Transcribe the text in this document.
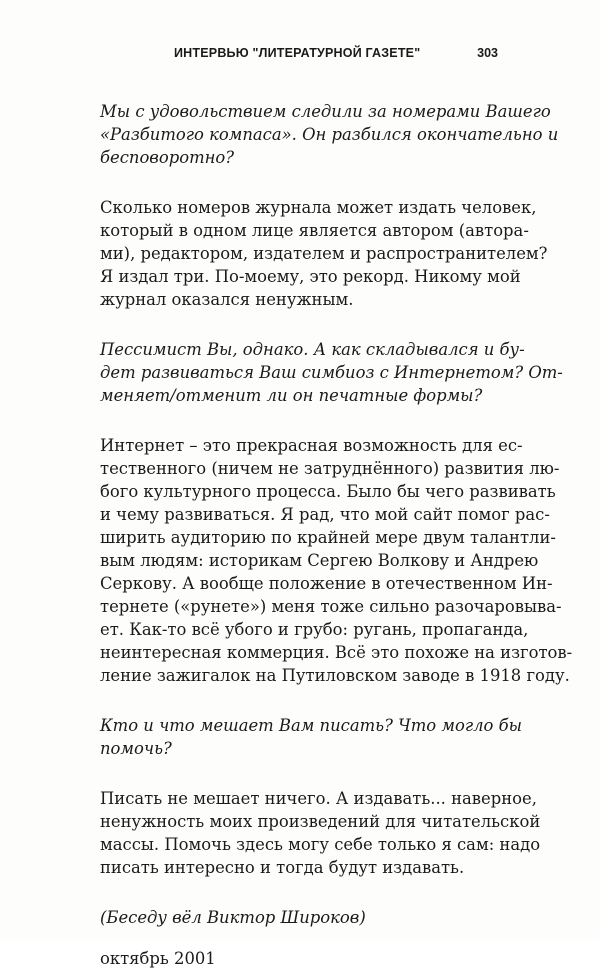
ИНТЕРВЬЮ "ЛИТЕРАТУРНОЙ ГАЗЕТЕ"	303
Мы с удовольствием следили за номерами Вашего
«Разбитого компаса». Он разбился окончательно и
бесповоротно?
Сколько номеров журнала может издать человек,
который в одном лице является автором (авторa-
ми), редактором, издателем и распространителем?
Я издал три. По-моему, это рекорд. Никому мой
журнал оказался ненужным.
Пессимист Вы, однако. А как складывался и бу-
дет развиваться Ваш симбиоз с Интернетом? От-
меняет/отменит ли он печатные формы?
Интернет – это прекрасная возможность для ес-
тественного (ничем не затруднённого) развития лю-
бого культурного процесса. Было бы чего развивать
и чему развиваться. Я рад, что мой сайт помог рас-
ширить аудиторию по крайней мере двум талантли-
вым людям: историкам Сергею Волкову и Андрею
Серкову. А вообще положение в отечественном Ин-
тернете («рунете») меня тоже сильно разочаровыва-
ет. Как-то всё убого и грубо: ругань, пропаганда,
неинтересная коммерция. Всё это похоже на изготов-
ление зажигалок на Путиловском заводе в 1918 году.
Кто и что мешает Вам писать? Что могло бы
помочь?
Писать не мешает ничего. А издавать... наверное,
ненужность моих произведений для читательской
массы. Помочь здесь могу себе только я сам: надо
писать интересно и тогда будут издавать.
(Беседу вёл Виктор Широков)
октябрь 2001
